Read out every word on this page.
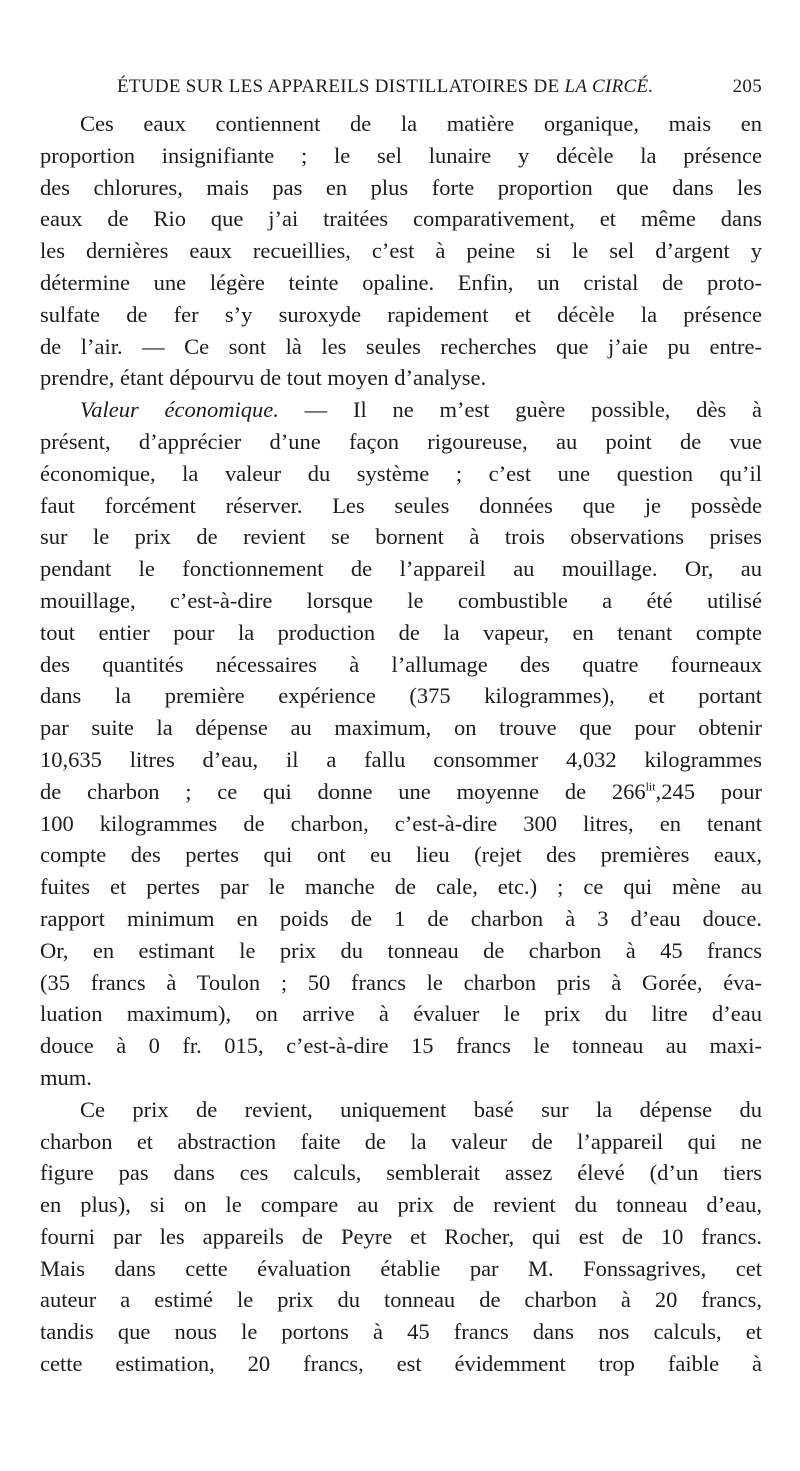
ÉTUDE SUR LES APPAREILS DISTILLATOIRES DE LA CIRCÉ.	205
Ces eaux contiennent de la matière organique, mais en
proportion insignifiante ; le sel lunaire y décèle la présence
des chlorures, mais pas en plus forte proportion que dans les
eaux de Rio que j’ai traitées comparativement, et même dans
les dernières eaux recueillies, c’est à peine si le sel d’argent y
détermine une légère teinte opaline. Enfin, un cristal de proto-
sulfate de fer s’y suroxyde rapidement et décèle la présence
de l’air. — Ce sont là les seules recherches que j’aie pu entre-
prendre, étant dépourvu de tout moyen d’analyse.
Valeur économique. — Il ne m’est guère possible, dès à
présent, d’apprécier d’une façon rigoureuse, au point de vue
économique, la valeur du système ; c’est une question qu’il
faut forcément réserver. Les seules données que je possède
sur le prix de revient se bornent à trois observations prises
pendant le fonctionnement de l’appareil au mouillage. Or, au
mouillage, c’est-à-dire lorsque le combustible a été utilisé
tout entier pour la production de la vapeur, en tenant compte
des quantités nécessaires à l’allumage des quatre fourneaux
dans la première expérience (375 kilogrammes), et portant
par suite la dépense au maximum, on trouve que pour obtenir
10,635 litres d’eau, il a fallu consommer 4,032 kilogrammes
de charbon ; ce qui donne une moyenne de $266^{lit},245$ pour
100 kilogrammes de charbon, c’est-à-dire 300 litres, en tenant
compte des pertes qui ont eu lieu (rejet des premières eaux,
fuites et pertes par le manche de cale, etc.) ; ce qui mène au
rapport minimum en poids de 1 de charbon à 3 d’eau douce.
Or, en estimant le prix du tonneau de charbon à 45 francs
(35 francs à Toulon ; 50 francs le charbon pris à Gorée, éva-
luation maximum), on arrive à évaluer le prix du litre d’eau
douce à 0 fr. 015, c’est-à-dire 15 francs le tonneau au maxi-
mum.
Ce prix de revient, uniquement basé sur la dépense du
charbon et abstraction faite de la valeur de l’appareil qui ne
figure pas dans ces calculs, semblerait assez élevé (d’un tiers
en plus), si on le compare au prix de revient du tonneau d’eau,
fourni par les appareils de Peyre et Rocher, qui est de 10 francs.
Mais dans cette évaluation établie par M. Fonssagrives, cet
auteur a estimé le prix du tonneau de charbon à 20 francs,
tandis que nous le portons à 45 francs dans nos calculs, et
cette estimation, 20 francs, est évidemment trop faible à
